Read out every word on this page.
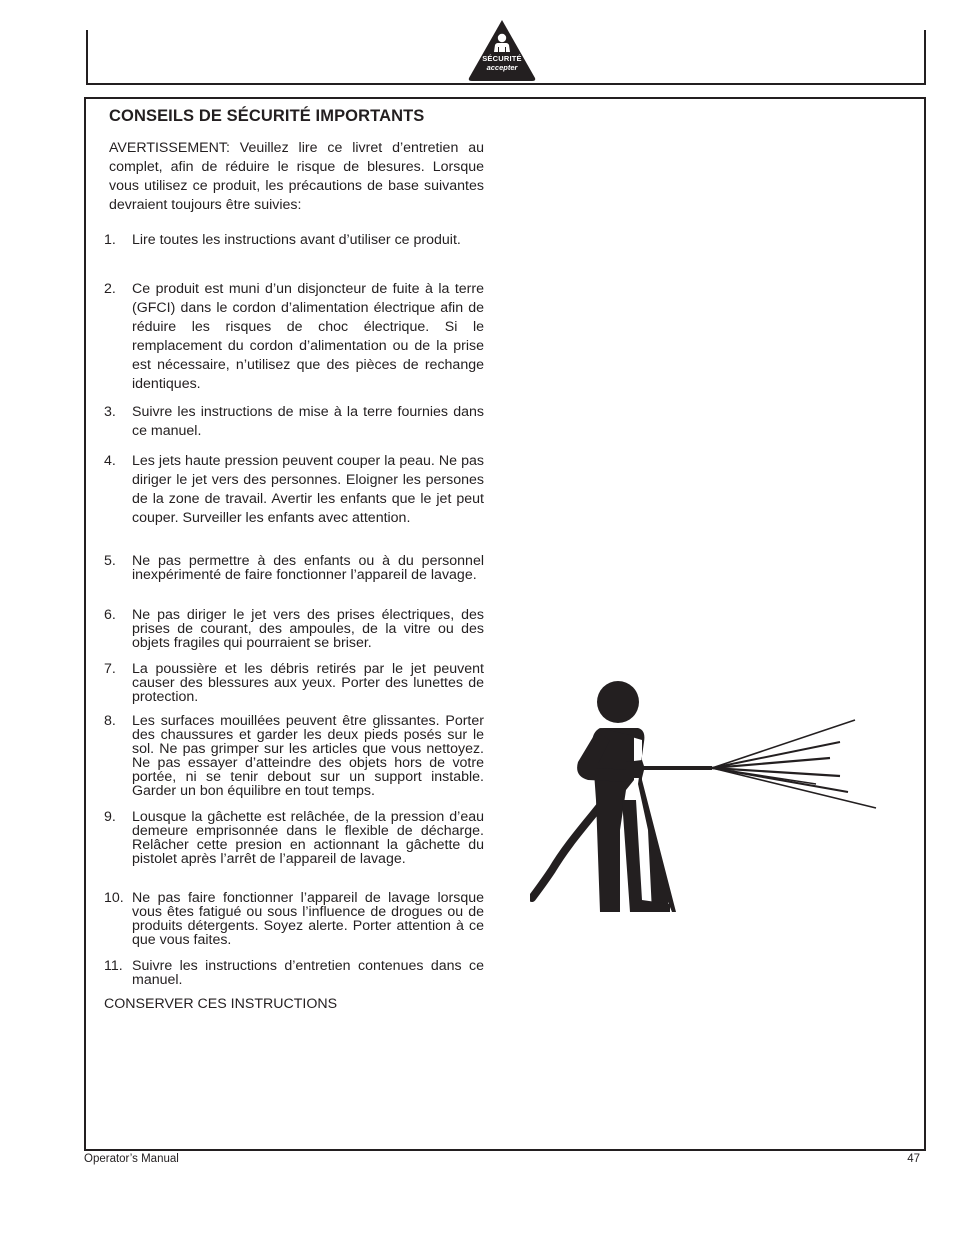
SÉCURITÉ
accepter
CONSEILS DE SÉCURITÉ IMPORTANTS
AVERTISSEMENT: Veuillez lire ce livret d’entretien au complet, afin de réduire le risque de blesures. Lorsque vous utilisez ce produit, les précautions de base suivantes devraient toujours être suivies:
1. Lire toutes les instructions avant d’utiliser ce produit.
2. Ce produit est muni d’un disjoncteur de fuite à la terre (GFCI) dans le cordon d’alimentation électrique afin de réduire les risques de choc électrique. Si le remplacement du cordon d’alimentation ou de la prise est nécessaire, n’utilisez que des pièces de rechange identiques.
3. Suivre les instructions de mise à la terre fournies dans ce manuel.
4. Les jets haute pression peuvent couper la peau. Ne pas diriger le jet vers des personnes. Eloigner les persones de la zone de travail. Avertir les enfants que le jet peut couper. Surveiller les enfants avec attention.
5. Ne pas permettre à des enfants ou à du personnel inexpérimenté de faire fonctionner l’appareil de lavage.
6. Ne pas diriger le jet vers des prises électriques, des prises de courant, des ampoules, de la vitre ou des objets fragiles qui pourraient se briser.
7. La poussière et les débris retirés par le jet peuvent causer des blessures aux yeux. Porter des lunettes de protection.
8. Les surfaces mouillées peuvent être glissantes. Porter des chaussures et garder les deux pieds posés sur le sol. Ne pas grimper sur les articles que vous nettoyez. Ne pas essayer d’atteindre des objets hors de votre portée, ni se tenir debout sur un support instable. Garder un bon équilibre en tout temps.
9. Lousque la gâchette est relâchée, de la pression d’eau demeure emprisonnée dans le flexible de décharge. Relâcher cette presion en actionnant la gâchette du pistolet après l’arrêt de l’appareil de lavage.
10. Ne pas faire fonctionner l’appareil de lavage lorsque vous êtes fatigué ou sous l’influence de drogues ou de produits détergents. Soyez alerte. Porter attention à ce que vous faites.
11. Suivre les instructions d’entretien contenues dans ce manuel.
CONSERVER CES INSTRUCTIONS
Operator’s Manual	47
